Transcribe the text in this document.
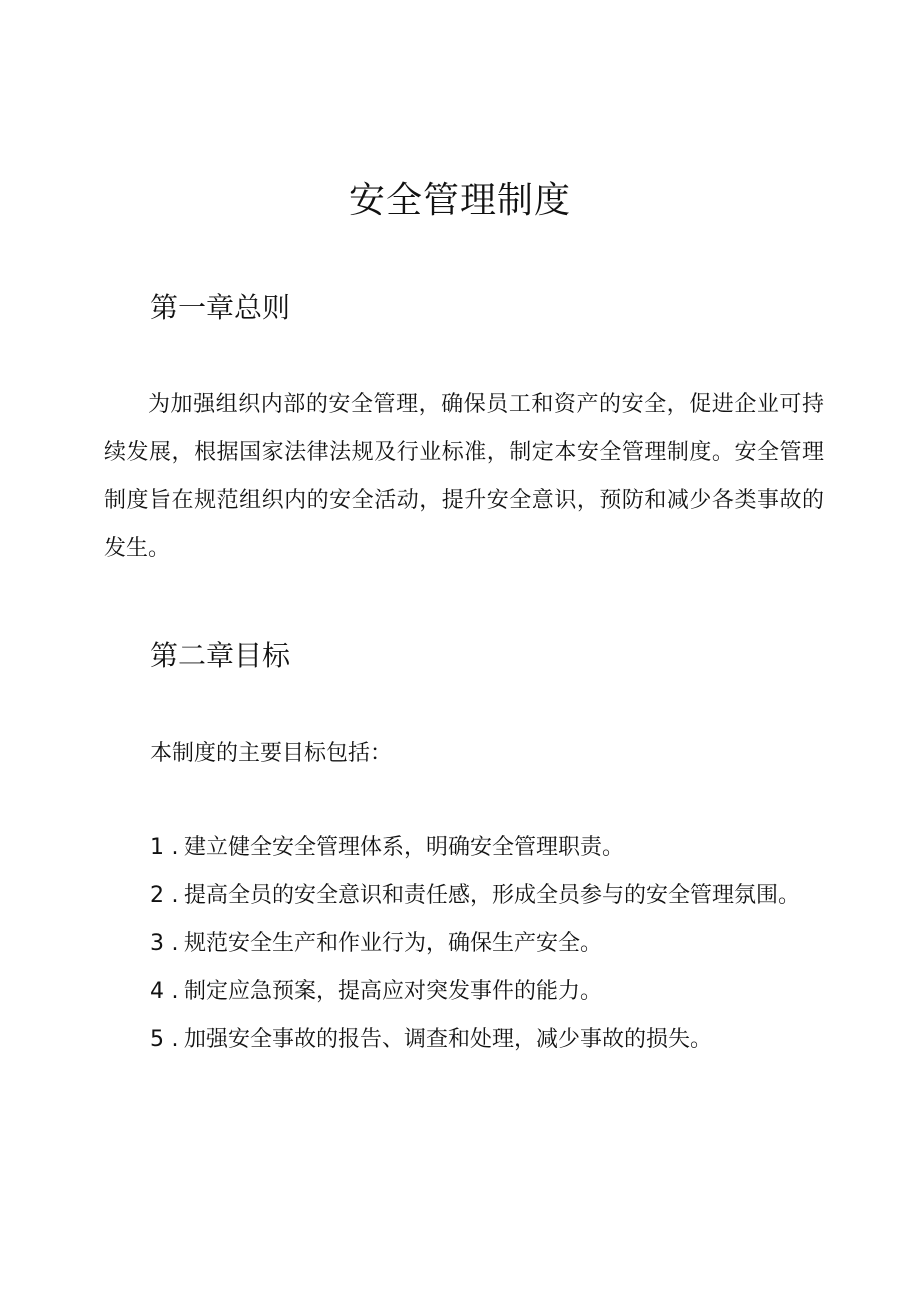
安全管理制度
第一章总则

为加强组织内部的安全管理，确保员工和资产的安全，促进企业可持续发展，根据国家法律法规及行业标准，制定本安全管理制度。安全管理制度旨在规范组织内的安全活动，提升安全意识，预防和减少各类事故的发生。

第二章目标

本制度的主要目标包括：

1 . 建立健全安全管理体系，明确安全管理职责。
2 . 提高全员的安全意识和责任感，形成全员参与的安全管理氛围。
3 . 规范安全生产和作业行为，确保生产安全。
4 . 制定应急预案，提高应对突发事件的能力。
5 . 加强安全事故的报告、调查和处理，减少事故的损失。
